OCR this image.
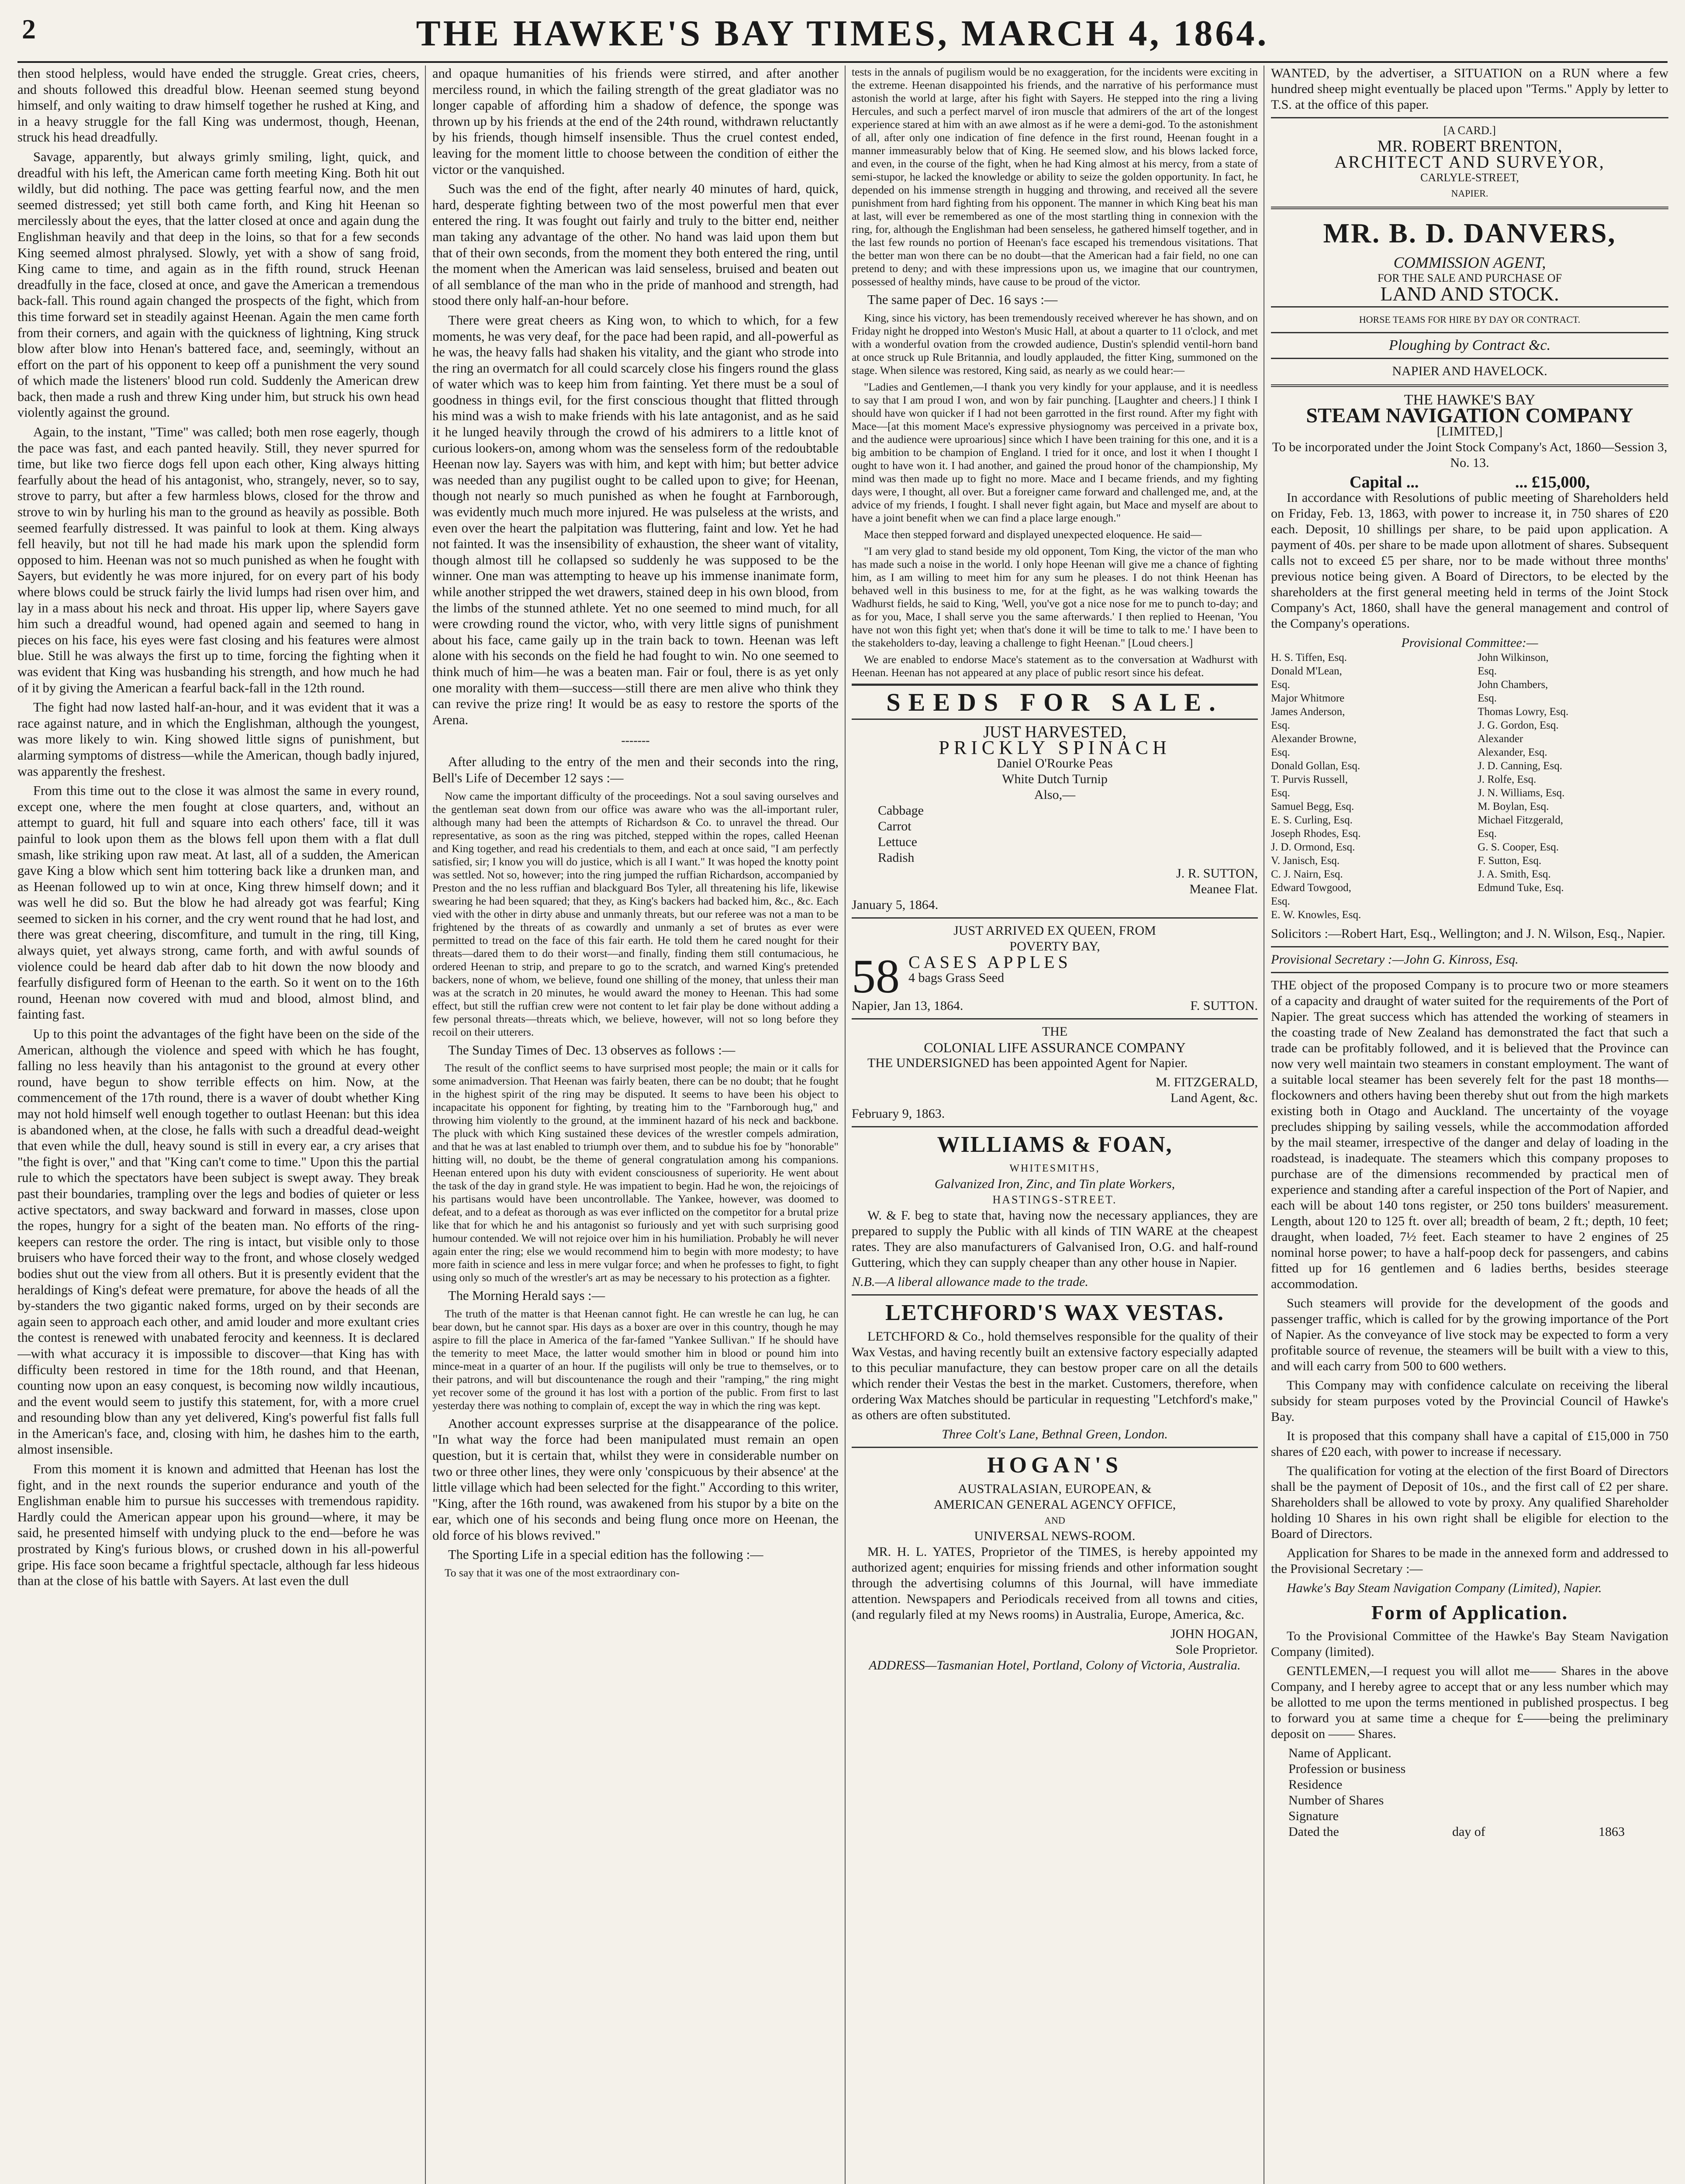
2	THE HAWKE'S BAY TIMES, MARCH 4, 1864.

then stood helpless, would have ended the struggle. Great cries, cheers, and shouts followed this dreadful blow. Heenan seemed stung beyond himself, and only waiting to draw himself together he rushed at King, and in a heavy struggle for the fall King was undermost, though, Heenan, struck his head dreadfully.

Savage, apparently, but always grimly smiling, light, quick, and dreadful with his left, the American came forth meeting King. Both hit out wildly, but did nothing. The pace was getting fearful now, and the men seemed distressed; yet still both came forth, and King hit Heenan so mercilessly about the eyes, that the latter closed at once and again dung the Englishman heavily and that deep in the loins, so that for a few seconds King seemed almost phralysed. Slowly, yet with a show of sang froid, King came to time, and again as in the fifth round, struck Heenan dreadfully in the face, closed at once, and gave the American a tremendous back-fall. This round again changed the prospects of the fight, which from this time forward set in steadily against Heenan. Again the men came forth from their corners, and again with the quickness of lightning, King struck blow after blow into Henan's battered face, and, seemingly, without an effort on the part of his opponent to keep off a punishment the very sound of which made the listeners' blood run cold. Suddenly the American drew back, then made a rush and threw King under him, but struck his own head violently against the ground.

Again, to the instant, "Time" was called; both men rose eagerly, though the pace was fast, and each panted heavily. Still, they never spurred for time, but like two fierce dogs fell upon each other, King always hitting fearfully about the head of his antagonist, who, strangely, never, so to say, strove to parry, but after a few harmless blows, closed for the throw and strove to win by hurling his man to the ground as heavily as possible. Both seemed fearfully distressed. It was painful to look at them. King always fell heavily, but not till he had made his mark upon the splendid form opposed to him. Heenan was not so much punished as when he fought with Sayers, but evidently he was more injured, for on every part of his body where blows could be struck fairly the livid lumps had risen over him, and lay in a mass about his neck and throat. His upper lip, where Sayers gave him such a dreadful wound, had opened again and seemed to hang in pieces on his face, his eyes were fast closing and his features were almost blue. Still he was always the first up to time, forcing the fighting when it was evident that King was husbanding his strength, and how much he had of it by giving the American a fearful back-fall in the 12th round.

The fight had now lasted half-an-hour, and it was evident that it was a race against nature, and in which the Englishman, although the youngest, was more likely to win. King showed little signs of punishment, but alarming symptoms of distress—while the American, though badly injured, was apparently the freshest.

From this time out to the close it was almost the same in every round, except one, where the men fought at close quarters, and, without an attempt to guard, hit full and square into each others' face, till it was painful to look upon them as the blows fell upon them with a flat dull smash, like striking upon raw meat. At last, all of a sudden, the American gave King a blow which sent him tottering back like a drunken man, and as Heenan followed up to win at once, King threw himself down; and it was well he did so. But the blow he had already got was fearful; King seemed to sicken in his corner, and the cry went round that he had lost, and there was great cheering, discomfiture, and tumult in the ring, till King, always quiet, yet always strong, came forth, and with awful sounds of violence could be heard dab after dab to hit down the now bloody and fearfully disfigured form of Heenan to the earth. So it went on to the 16th round, Heenan now covered with mud and blood, almost blind, and fainting fast.

Up to this point the advantages of the fight have been on the side of the American, although the violence and speed with which he has fought, falling no less heavily than his antagonist to the ground at every other round, have begun to show terrible effects on him. Now, at the commencement of the 17th round, there is a waver of doubt whether King may not hold himself well enough together to outlast Heenan: but this idea is abandoned when, at the close, he falls with such a dreadful dead-weight that even while the dull, heavy sound is still in every ear, a cry arises that "the fight is over," and that "King can't come to time." Upon this the partial rule to which the spectators have been subject is swept away. They break past their boundaries, trampling over the legs and bodies of quieter or less active spectators, and sway backward and forward in masses, close upon the ropes, hungry for a sight of the beaten man. No efforts of the ring-keepers can restore the order. The ring is intact, but visible only to those bruisers who have forced their way to the front, and whose closely wedged bodies shut out the view from all others. But it is presently evident that the heraldings of King's defeat were premature, for above the heads of all the by-standers the two gigantic naked forms, urged on by their seconds are again seen to approach each other, and amid louder and more exultant cries the contest is renewed with unabated ferocity and keenness. It is declared—with what accuracy it is impossible to discover—that King has with difficulty been restored in time for the 18th round, and that Heenan, counting now upon an easy conquest, is becoming now wildly incautious, and the event would seem to justify this statement, for, with a more cruel and resounding blow than any yet delivered, King's powerful fist falls full in the American's face, and, closing with him, he dashes him to the earth, almost insensible.

From this moment it is known and admitted that Heenan has lost the fight, and in the next rounds the superior endurance and youth of the Englishman enable him to pursue his successes with tremendous rapidity. Hardly could the American appear upon his ground—where, it may be said, he presented himself with undying pluck to the end—before he was prostrated by King's furious blows, or crushed down in his all-powerful gripe. His face soon became a frightful spectacle, although far less hideous than at the close of his battle with Sayers. At last even the dull

and opaque humanities of his friends were stirred, and after another merciless round, in which the failing strength of the great gladiator was no longer capable of affording him a shadow of defence, the sponge was thrown up by his friends at the end of the 24th round, withdrawn reluctantly by his friends, though himself insensible. Thus the cruel contest ended, leaving for the moment little to choose between the condition of either the victor or the vanquished.

Such was the end of the fight, after nearly 40 minutes of hard, quick, hard, desperate fighting between two of the most powerful men that ever entered the ring. It was fought out fairly and truly to the bitter end, neither man taking any advantage of the other. No hand was laid upon them but that of their own seconds, from the moment they both entered the ring, until the moment when the American was laid senseless, bruised and beaten out of all semblance of the man who in the pride of manhood and strength, had stood there only half-an-hour before.

There were great cheers as King won, to which to which, for a few moments, he was very deaf, for the pace had been rapid, and all-powerful as he was, the heavy falls had shaken his vitality, and the giant who strode into the ring an overmatch for all could scarcely close his fingers round the glass of water which was to keep him from fainting. Yet there must be a soul of goodness in things evil, for the first conscious thought that flitted through his mind was a wish to make friends with his late antagonist, and as he said it he lunged heavily through the crowd of his admirers to a little knot of curious lookers-on, among whom was the senseless form of the redoubtable Heenan now lay. Sayers was with him, and kept with him; but better advice was needed than any pugilist ought to be called upon to give; for Heenan, though not nearly so much punished as when he fought at Farnborough, was evidently much much more injured. He was pulseless at the wrists, and even over the heart the palpitation was fluttering, faint and low. Yet he had not fainted. It was the insensibility of exhaustion, the sheer want of vitality, though almost till he collapsed so suddenly he was supposed to be the winner. One man was attempting to heave up his immense inanimate form, while another stripped the wet drawers, stained deep in his own blood, from the limbs of the stunned athlete. Yet no one seemed to mind much, for all were crowding round the victor, who, with very little signs of punishment about his face, came gaily up in the train back to town. Heenan was left alone with his seconds on the field he had fought to win. No one seemed to think much of him—he was a beaten man. Fair or foul, there is as yet only one morality with them—success—still there are men alive who think they can revive the prize ring! It would be as easy to restore the sports of the Arena.

-------

After alluding to the entry of the men and their seconds into the ring, Bell's Life of December 12 says :—

Now came the important difficulty of the proceedings. Not a soul saving ourselves and the gentleman seat down from our office was aware who was the all-important ruler, although many had been the attempts of Richardson & Co. to unravel the thread. Our representative, as soon as the ring was pitched, stepped within the ropes, called Heenan and King together, and read his credentials to them, and each at once said, "I am perfectly satisfied, sir; I know you will do justice, which is all I want." It was hoped the knotty point was settled. Not so, however; into the ring jumped the ruffian Richardson, accompanied by Preston and the no less ruffian and blackguard Bos Tyler, all threatening his life, likewise swearing he had been squared; that they, as King's backers had backed him, &c., &c. Each vied with the other in dirty abuse and unmanly threats, but our referee was not a man to be frightened by the threats of as cowardly and unmanly a set of brutes as ever were permitted to tread on the face of this fair earth. He told them he cared nought for their threats—dared them to do their worst—and finally, finding them still contumacious, he ordered Heenan to strip, and prepare to go to the scratch, and warned King's pretended backers, none of whom, we believe, found one shilling of the money, that unless their man was at the scratch in 20 minutes, he would award the money to Heenan. This had some effect, but still the ruffian crew were not content to let fair play be done without adding a few personal threats—threats which, we believe, however, will not so long before they recoil on their utterers.

The Sunday Times of Dec. 13 observes as follows :—

The result of the conflict seems to have surprised most people; the main or it calls for some animadversion. That Heenan was fairly beaten, there can be no doubt; that he fought in the highest spirit of the ring may be disputed. It seems to have been his object to incapacitate his opponent for fighting, by treating him to the "Farnborough hug," and throwing him violently to the ground, at the imminent hazard of his neck and backbone. The pluck with which King sustained these devices of the wrestler compels admiration, and that he was at last enabled to triumph over them, and to subdue his foe by "honorable" hitting will, no doubt, be the theme of general congratulation among his companions. Heenan entered upon his duty with evident consciousness of superiority. He went about the task of the day in grand style. He was impatient to begin. Had he won, the rejoicings of his partisans would have been uncontrollable. The Yankee, however, was doomed to defeat, and to a defeat as thorough as was ever inflicted on the competitor for a brutal prize like that for which he and his antagonist so furiously and yet with such surprising good humour contended. We will not rejoice over him in his humiliation. Probably he will never again enter the ring; else we would recommend him to begin with more modesty; to have more faith in science and less in mere vulgar force; and when he professes to fight, to fight using only so much of the wrestler's art as may be necessary to his protection as a fighter.

The Morning Herald says :—

The truth of the matter is that Heenan cannot fight. He can wrestle he can lug, he can bear down, but he cannot spar. His days as a boxer are over in this country, though he may aspire to fill the place in America of the far-famed "Yankee Sullivan." If he should have the temerity to meet Mace, the latter would smother him in blood or pound him into mince-meat in a quarter of an hour. If the pugilists will only be true to themselves, or to their patrons, and will but discountenance the rough and their "ramping," the ring might yet recover some of the ground it has lost with a portion of the public. From first to last yesterday there was nothing to complain of, except the way in which the ring was kept.

Another account expresses surprise at the disappearance of the police. "In what way the force had been manipulated must remain an open question, but it is certain that, whilst they were in considerable number on two or three other lines, they were only 'conspicuous by their absence' at the little village which had been selected for the fight." According to this writer, "King, after the 16th round, was awakened from his stupor by a bite on the ear, which one of his seconds and being flung once more on Heenan, the old force of his blows revived."

The Sporting Life in a special edition has the following :—

To say that it was one of the most extraordinary con-

tests in the annals of pugilism would be no exaggeration, for the incidents were exciting in the extreme. Heenan disappointed his friends, and the narrative of his performance must astonish the world at large, after his fight with Sayers. He stepped into the ring a living Hercules, and such a perfect marvel of iron muscle that admirers of the art of the longest experience stared at him with an awe almost as if he were a demi-god. To the astonishment of all, after only one indication of fine defence in the first round, Heenan fought in a manner immeasurably below that of King. He seemed slow, and his blows lacked force, and even, in the course of the fight, when he had King almost at his mercy, from a state of semi-stupor, he lacked the knowledge or ability to seize the golden opportunity. In fact, he depended on his immense strength in hugging and throwing, and received all the severe punishment from hard fighting from his opponent. The manner in which King beat his man at last, will ever be remembered as one of the most startling thing in connexion with the ring, for, although the Englishman had been senseless, he gathered himself together, and in the last few rounds no portion of Heenan's face escaped his tremendous visitations. That the better man won there can be no doubt—that the American had a fair field, no one can pretend to deny; and with these impressions upon us, we imagine that our countrymen, possessed of healthy minds, have cause to be proud of the victor.

The same paper of Dec. 16 says :—

King, since his victory, has been tremendously received wherever he has shown, and on Friday night he dropped into Weston's Music Hall, at about a quarter to 11 o'clock, and met with a wonderful ovation from the crowded audience, Dustin's splendid ventil-horn band at once struck up Rule Britannia, and loudly applauded, the fitter King, summoned on the stage. When silence was restored, King said, as nearly as we could hear:—

"Ladies and Gentlemen,—I thank you very kindly for your applause, and it is needless to say that I am proud I won, and won by fair punching. [Laughter and cheers.] I think I should have won quicker if I had not been garrotted in the first round. After my fight with Mace—[at this moment Mace's expressive physiognomy was perceived in a private box, and the audience were uproarious] since which I have been training for this one, and it is a big ambition to be champion of England. I tried for it once, and lost it when I thought I ought to have won it. I had another, and gained the proud honor of the championship, My mind was then made up to fight no more. Mace and I became friends, and my fighting days were, I thought, all over. But a foreigner came forward and challenged me, and, at the advice of my friends, I fought. I shall never fight again, but Mace and myself are about to have a joint benefit when we can find a place large enough."

Mace then stepped forward and displayed unexpected eloquence. He said—

"I am very glad to stand beside my old opponent, Tom King, the victor of the man who has made such a noise in the world. I only hope Heenan will give me a chance of fighting him, as I am willing to meet him for any sum he pleases. I do not think Heenan has behaved well in this business to me, for at the fight, as he was walking towards the Wadhurst fields, he said to King, 'Well, you've got a nice nose for me to punch to-day; and as for you, Mace, I shall serve you the same afterwards.' I then replied to Heenan, 'You have not won this fight yet; when that's done it will be time to talk to me.' I have been to the stakeholders to-day, leaving a challenge to fight Heenan." [Loud cheers.]

We are enabled to endorse Mace's statement as to the conversation at Wadhurst with Heenan. Heenan has not appeared at any place of public resort since his defeat.

SEEDS FOR SALE.
JUST HARVESTED,
PRICKLY SPINACH
Daniel O'Rourke Peas
White Dutch Turnip
Also,—
Cabbage
Carrot
Lettuce
Radish
J. R. SUTTON,
Meanee Flat.
January 5, 1864.
JUST ARRIVED EX QUEEN, FROM
POVERTY BAY,
58 CASES APPLES
4 bags Grass Seed
Napier, Jan 13, 1864.	F. SUTTON.
THE
COLONIAL LIFE ASSURANCE COMPANY

THE UNDERSIGNED has been appointed Agent for Napier.

M. FITZGERALD,
Land Agent, &c.
February 9, 1863.
WILLIAMS & FOAN,
WHITESMITHS,
Galvanized Iron, Zinc, and Tin plate Workers,
HASTINGS-STREET.

W. & F. beg to state that, having now the necessary appliances, they are prepared to supply the Public with all kinds of TIN WARE at the cheapest rates. They are also manufacturers of Galvanised Iron, O.G. and half-round Guttering, which they can supply cheaper than any other house in Napier.

N.B.—A liberal allowance made to the trade.
LETCHFORD'S WAX VESTAS.

LETCHFORD & Co., hold themselves responsible for the quality of their Wax Vestas, and having recently built an extensive factory especially adapted to this peculiar manufacture, they can bestow proper care on all the details which render their Vestas the best in the market. Customers, therefore, when ordering Wax Matches should be particular in requesting "Letchford's make," as others are often substituted.

Three Colt's Lane, Bethnal Green, London.
HOGAN'S
AUSTRALASIAN, EUROPEAN, &
AMERICAN GENERAL AGENCY OFFICE,
AND
UNIVERSAL NEWS-ROOM.

MR. H. L. YATES, Proprietor of the TIMES, is hereby appointed my authorized agent; enquiries for missing friends and other information sought through the advertising columns of this Journal, will have immediate attention. Newspapers and Periodicals received from all towns and cities, (and regularly filed at my News rooms) in Australia, Europe, America, &c.

JOHN HOGAN,
Sole Proprietor.
ADDRESS—Tasmanian Hotel, Portland, Colony of Victoria, Australia.

WANTED, by the advertiser, a SITUATION on a RUN where a few hundred sheep might eventually be placed upon "Terms." Apply by letter to T.S. at the office of this paper.

[A CARD.]
MR. ROBERT BRENTON,
ARCHITECT AND SURVEYOR,
CARLYLE-STREET,
NAPIER.
MR. B. D. DANVERS,
COMMISSION AGENT,
FOR THE SALE AND PURCHASE OF
LAND AND STOCK.
HORSE TEAMS FOR HIRE BY DAY OR CONTRACT.
Ploughing by Contract &c.
NAPIER AND HAVELOCK.
THE HAWKE'S BAY
STEAM NAVIGATION COMPANY
[LIMITED,]

To be incorporated under the Joint Stock Company's Act, 1860—Session 3, No. 13.

Capital ...	... £15,000,

In accordance with Resolutions of public meeting of Shareholders held on Friday, Feb. 13, 1863, with power to increase it, in 750 shares of £20 each. Deposit, 10 shillings per share, to be paid upon application. A payment of 40s. per share to be made upon allotment of shares. Subsequent calls not to exceed £5 per share, nor to be made without three months' previous notice being given. A Board of Directors, to be elected by the shareholders at the first general meeting held in terms of the Joint Stock Company's Act, 1860, shall have the general management and control of the Company's operations.

Provisional Committee:—
H. S. Tiffen, Esq.
Donald M'Lean, Esq.
Major Whitmore
James Anderson, Esq.
Alexander Browne, Esq.
Donald Gollan, Esq.
T. Purvis Russell, Esq.
Samuel Begg, Esq.
E. S. Curling, Esq.
Joseph Rhodes, Esq.
J. D. Ormond, Esq.
V. Janisch, Esq.
C. J. Nairn, Esq.
Edward Towgood, Esq.
E. W. Knowles, Esq.
John Wilkinson, Esq.
John Chambers, Esq.
Thomas Lowry, Esq.
J. G. Gordon, Esq.
Alexander Alexander, Esq.
J. D. Canning, Esq.
J. Rolfe, Esq.
J. N. Williams, Esq.
M. Boylan, Esq.
Michael Fitzgerald, Esq.
G. S. Cooper, Esq.
F. Sutton, Esq.
J. A. Smith, Esq.
Edmund Tuke, Esq.

Solicitors :—Robert Hart, Esq., Wellington; and J. N. Wilson, Esq., Napier.

Provisional Secretary :—John G. Kinross, Esq.

THE object of the proposed Company is to procure two or more steamers of a capacity and draught of water suited for the requirements of the Port of Napier. The great success which has attended the working of steamers in the coasting trade of New Zealand has demonstrated the fact that such a trade can be profitably followed, and it is believed that the Province can now very well maintain two steamers in constant employment. The want of a suitable local steamer has been severely felt for the past 18 months—flockowners and others having been thereby shut out from the high markets existing both in Otago and Auckland. The uncertainty of the voyage precludes shipping by sailing vessels, while the accommodation afforded by the mail steamer, irrespective of the danger and delay of loading in the roadstead, is inadequate. The steamers which this company proposes to purchase are of the dimensions recommended by practical men of experience and standing after a careful inspection of the Port of Napier, and each will be about 140 tons register, or 250 tons builders' measurement. Length, about 120 to 125 ft. over all; breadth of beam, 2 ft.; depth, 10 feet; draught, when loaded, 7½ feet. Each steamer to have 2 engines of 25 nominal horse power; to have a half-poop deck for passengers, and cabins fitted up for 16 gentlemen and 6 ladies berths, besides steerage accommodation.

Such steamers will provide for the development of the goods and passenger traffic, which is called for by the growing importance of the Port of Napier. As the conveyance of live stock may be expected to form a very profitable source of revenue, the steamers will be built with a view to this, and will each carry from 500 to 600 wethers.

This Company may with confidence calculate on receiving the liberal subsidy for steam purposes voted by the Provincial Council of Hawke's Bay.

It is proposed that this company shall have a capital of £15,000 in 750 shares of £20 each, with power to increase if necessary.

The qualification for voting at the election of the first Board of Directors shall be the payment of Deposit of 10s., and the first call of £2 per share. Shareholders shall be allowed to vote by proxy. Any qualified Shareholder holding 10 Shares in his own right shall be eligible for election to the Board of Directors.

Application for Shares to be made in the annexed form and addressed to the Provisional Secretary :—

Hawke's Bay Steam Navigation Company (Limited), Napier.

Form of Application.

To the Provisional Committee of the Hawke's Bay Steam Navigation Company (limited).

GENTLEMEN,—I request you will allot me—— Shares in the above Company, and I hereby agree to accept that or any less number which may be allotted to me upon the terms mentioned in published prospectus. I beg to forward you at same time a cheque for £——being the preliminary deposit on —— Shares.

Name of Applicant.
Profession or business
Residence
Number of Shares
Signature
Dated the	day of	1863
